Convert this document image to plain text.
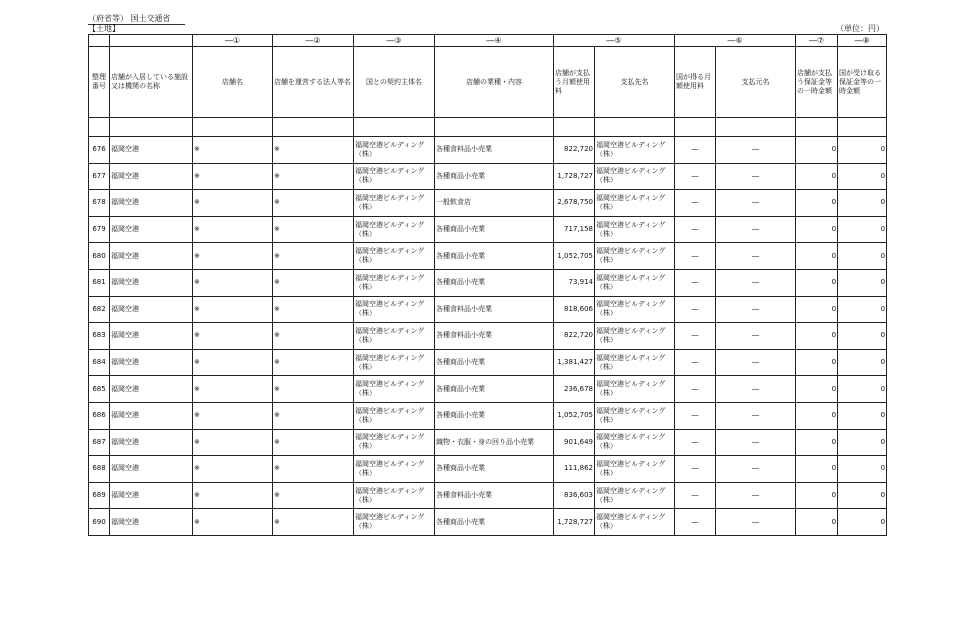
（府省等） 国土交通省
【土地】	（単位：円）
		―①	―②	―③	―④	―⑤		―⑥		―⑦	―⑧
整理番号	店舗が入居している施設又は機関の名称	店舗名	店舗を運営する法人等名	国との契約主体名	店舗の業種・内容	店舗が支払う月額使用料	支払先名	国が得る月額使用料	支払元名	店舗が支払う保証金等の一時金額	国が受け取る保証金等の一時金額

676	福岡空港	※	※	福岡空港ビルディング（株）	各種食料品小売業	822,720	福岡空港ビルディング（株）	―	―	0	0
677	福岡空港	※	※	福岡空港ビルディング（株）	各種商品小売業	1,728,727	福岡空港ビルディング（株）	―	―	0	0
678	福岡空港	※	※	福岡空港ビルディング（株）	一般飲食店	2,678,750	福岡空港ビルディング（株）	―	―	0	0
679	福岡空港	※	※	福岡空港ビルディング（株）	各種商品小売業	717,158	福岡空港ビルディング（株）	―	―	0	0
680	福岡空港	※	※	福岡空港ビルディング（株）	各種商品小売業	1,052,705	福岡空港ビルディング（株）	―	―	0	0
681	福岡空港	※	※	福岡空港ビルディング（株）	各種商品小売業	73,914	福岡空港ビルディング（株）	―	―	0	0
682	福岡空港	※	※	福岡空港ビルディング（株）	各種食料品小売業	818,606	福岡空港ビルディング（株）	―	―	0	0
683	福岡空港	※	※	福岡空港ビルディング（株）	各種食料品小売業	822,720	福岡空港ビルディング（株）	―	―	0	0
684	福岡空港	※	※	福岡空港ビルディング（株）	各種商品小売業	1,381,427	福岡空港ビルディング（株）	―	―	0	0
685	福岡空港	※	※	福岡空港ビルディング（株）	各種商品小売業	236,678	福岡空港ビルディング（株）	―	―	0	0
686	福岡空港	※	※	福岡空港ビルディング（株）	各種商品小売業	1,052,705	福岡空港ビルディング（株）	―	―	0	0
687	福岡空港	※	※	福岡空港ビルディング（株）	織物・衣服・身の回り品小売業	901,649	福岡空港ビルディング（株）	―	―	0	0
688	福岡空港	※	※	福岡空港ビルディング（株）	各種商品小売業	111,862	福岡空港ビルディング（株）	―	―	0	0
689	福岡空港	※	※	福岡空港ビルディング（株）	各種食料品小売業	836,603	福岡空港ビルディング（株）	―	―	0	0
690	福岡空港	※	※	福岡空港ビルディング（株）	各種商品小売業	1,728,727	福岡空港ビルディング（株）	―	―	0	0
